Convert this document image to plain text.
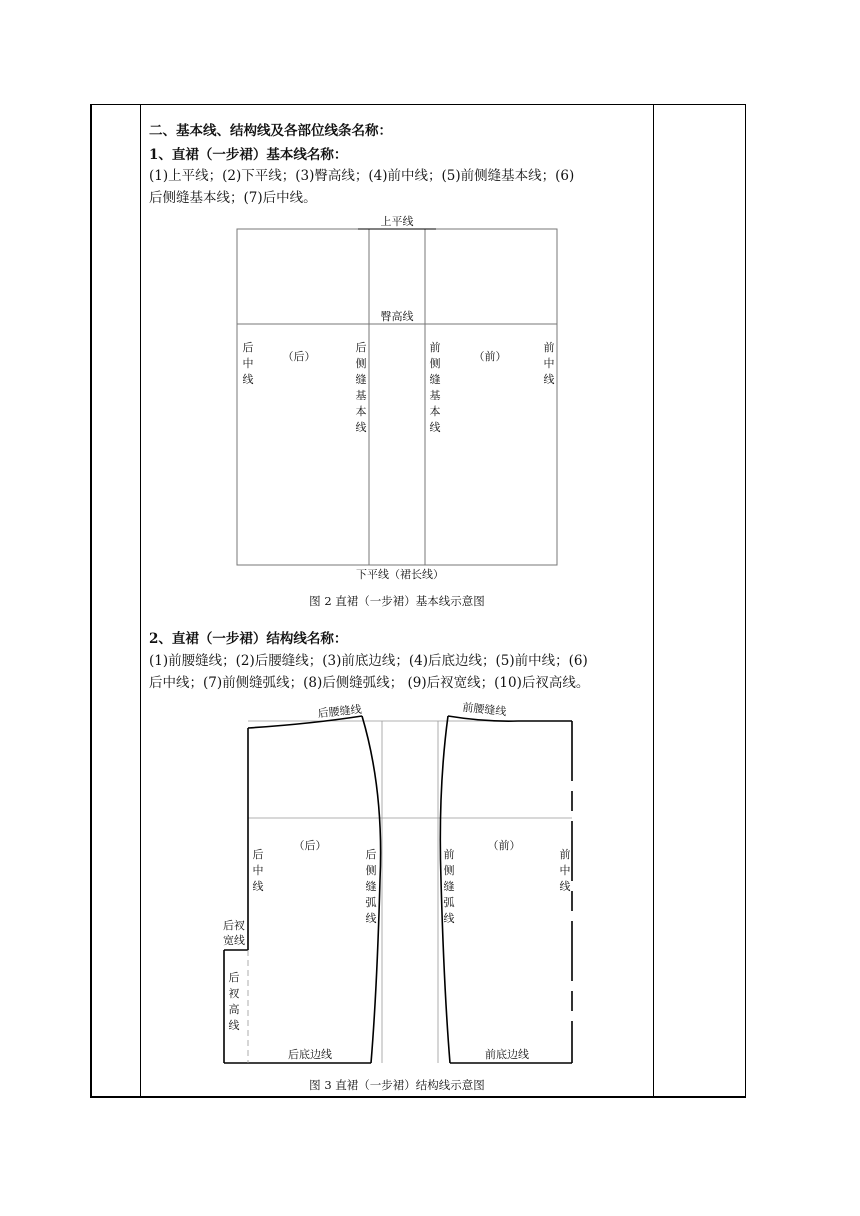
二、基本线、结构线及各部位线条名称：
1、直裙（一步裙）基本线名称：
(1)上平线；(2)下平线；(3)臀高线；(4)前中线；(5)前侧缝基本线；(6)
后侧缝基本线；(7)后中线。
上平线
臀高线
（后）	（前）
后
中
线
后
侧
缝
基
本
线
前
侧
缝
基
本
线
前
中
线
下平线（裙长线）
图 2 直裙（一步裙）基本线示意图
2、直裙（一步裙）结构线名称：
(1)前腰缝线；(2)后腰缝线；(3)前底边线；(4)后底边线；(5)前中线；(6)
后中线；(7)前侧缝弧线；(8)后侧缝弧线； (9)后衩宽线；(10)后衩高线。
后腰缝线	前腰缝线
（后）	（前）
后
中
线
后
侧
缝
弧
线
前
侧
缝
弧
线
前
中
线
后衩
宽线
后
衩
高
线
后底边线	前底边线
图 3 直裙（一步裙）结构线示意图
